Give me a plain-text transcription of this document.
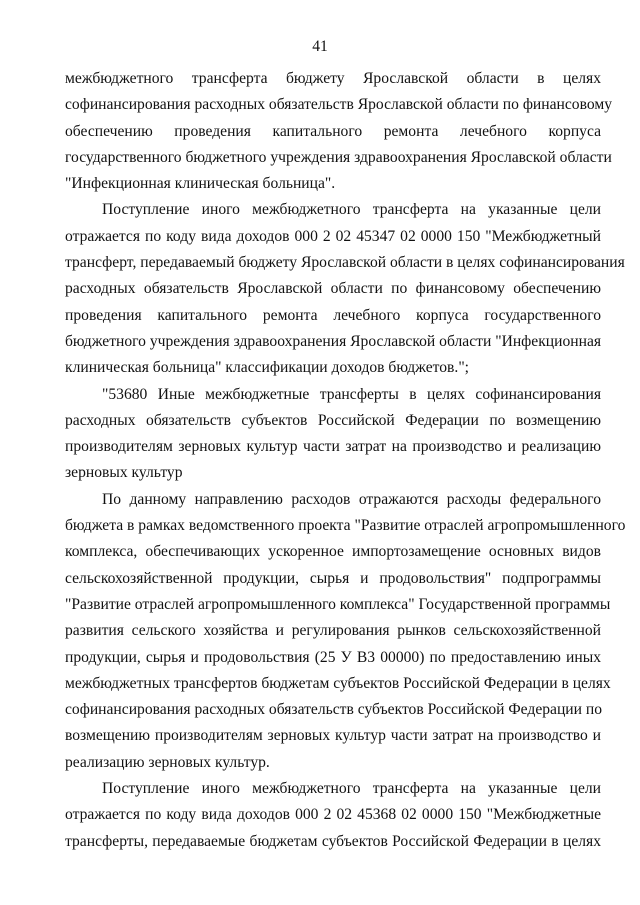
41

межбюджетного трансферта бюджету Ярославской области в целях
софинансирования расходных обязательств Ярославской области по финансовому
обеспечению проведения капитального ремонта лечебного корпуса
государственного бюджетного учреждения здравоохранения Ярославской области
"Инфекционная клиническая больница".

Поступление иного межбюджетного трансферта на указанные цели
отражается по коду вида доходов 000 2 02 45347 02 0000 150 "Межбюджетный
трансферт, передаваемый бюджету Ярославской области в целях софинансирования
расходных обязательств Ярославской области по финансовому обеспечению
проведения капитального ремонта лечебного корпуса государственного
бюджетного учреждения здравоохранения Ярославской области "Инфекционная
клиническая больница" классификации доходов бюджетов.";

"53680 Иные межбюджетные трансферты в целях софинансирования
расходных обязательств субъектов Российской Федерации по возмещению
производителям зерновых культур части затрат на производство и реализацию
зерновых культур

По данному направлению расходов отражаются расходы федерального
бюджета в рамках ведомственного проекта "Развитие отраслей агропромышленного
комплекса, обеспечивающих ускоренное импортозамещение основных видов
сельскохозяйственной продукции, сырья и продовольствия" подпрограммы
"Развитие отраслей агропромышленного комплекса" Государственной программы
развития сельского хозяйства и регулирования рынков сельскохозяйственной
продукции, сырья и продовольствия (25 У В3 00000) по предоставлению иных
межбюджетных трансфертов бюджетам субъектов Российской Федерации в целях
софинансирования расходных обязательств субъектов Российской Федерации по
возмещению производителям зерновых культур части затрат на производство и
реализацию зерновых культур.

Поступление иного межбюджетного трансферта на указанные цели
отражается по коду вида доходов 000 2 02 45368 02 0000 150 "Межбюджетные
трансферты, передаваемые бюджетам субъектов Российской Федерации в целях
